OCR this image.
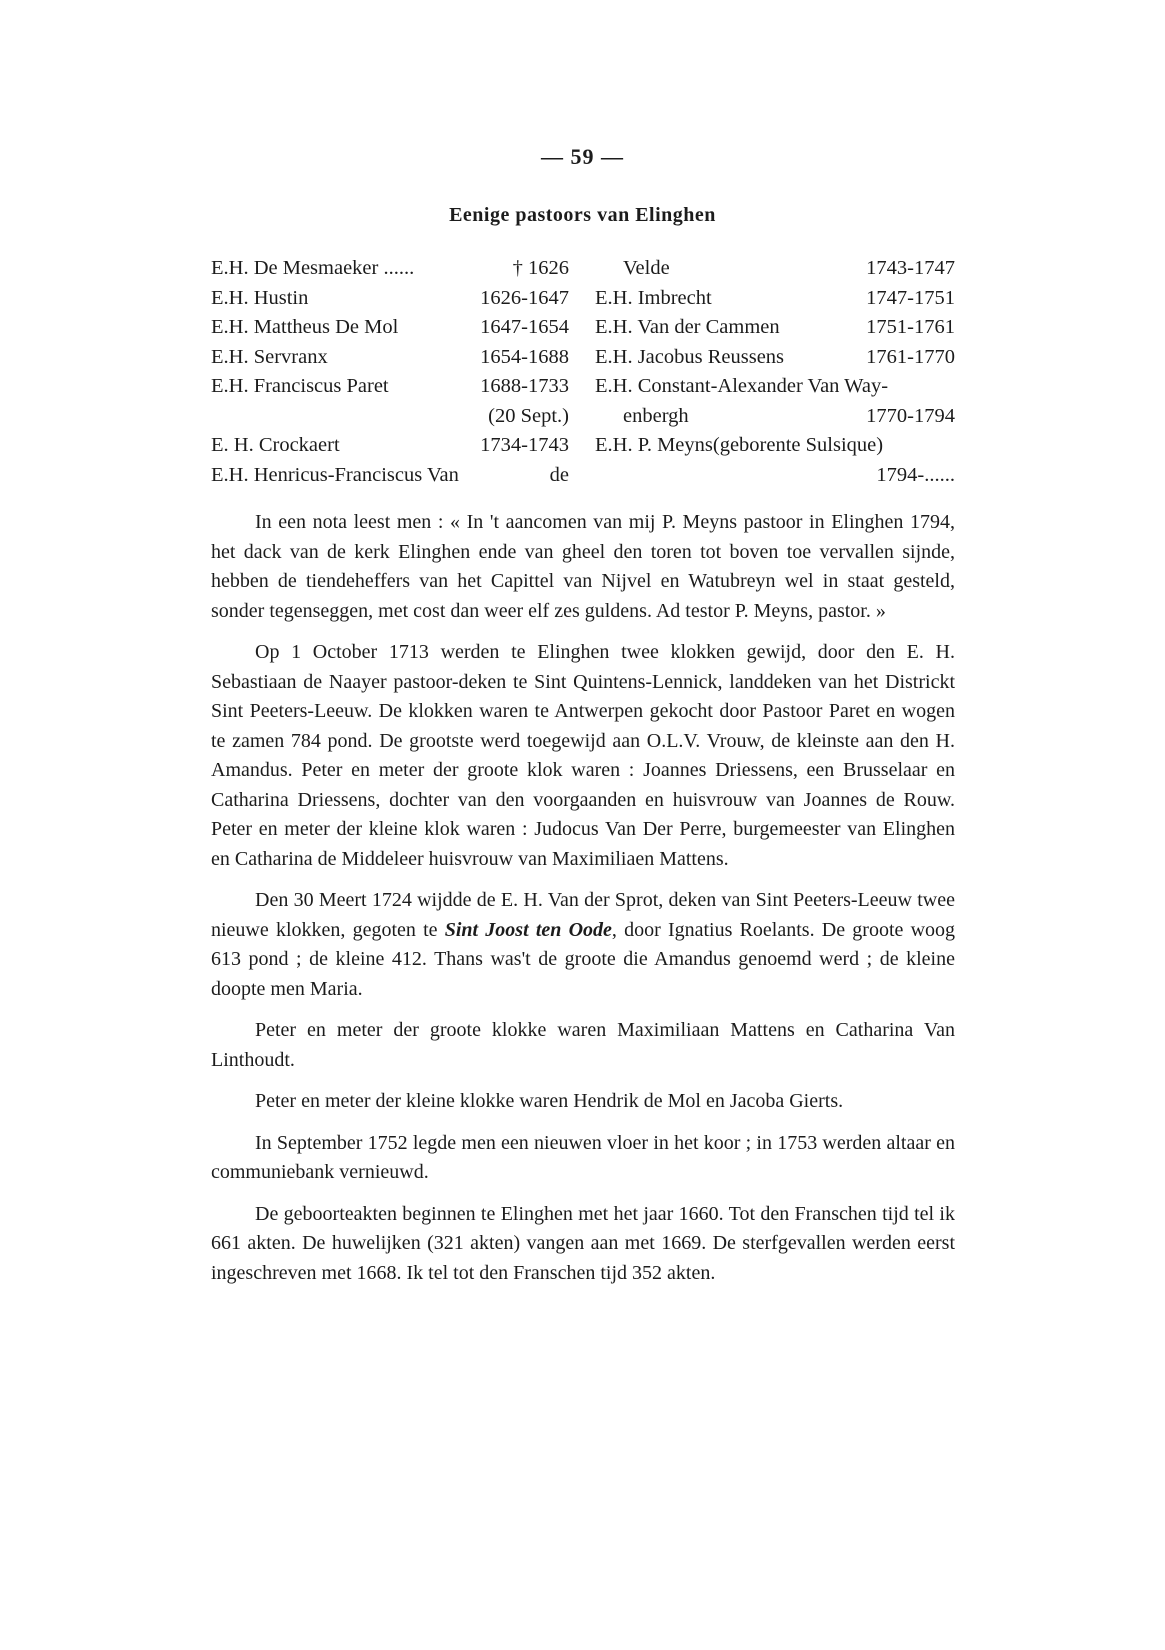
— 59 —
Eenige pastoors van Elinghen
E.H. De Mesmaeker ......	† 1626
E.H. Hustin	1626-1647
E.H. Mattheus De Mol	1647-1654
E.H. Servranx	1654-1688
E.H. Franciscus Paret	1688-1733
(20 Sept.)
E. H. Crockaert	1734-1743
E.H. Henricus-Franciscus Van	de
Velde	1743-1747
E.H. Imbrecht	1747-1751
E.H. Van der Cammen	1751-1761
E.H. Jacobus Reussens	1761-1770
E.H. Constant-Alexander Van Way-
enbergh	1770-1794
E.H. P. Meyns(geborente Sulsique)
1794-......

In een nota leest men : « In 't aancomen van mij P. Meyns pastoor in Elinghen 1794, het dack van de kerk Elinghen ende van gheel den toren tot boven toe vervallen sijnde, hebben de tiendeheffers van het Capittel van Nijvel en Watubreyn wel in staat gesteld, sonder tegenseggen, met cost dan weer elf zes guldens. Ad testor P. Meyns, pastor. »

Op 1 October 1713 werden te Elinghen twee klokken gewijd, door den E. H. Sebastiaan de Naayer pastoor-deken te Sint Quintens-Lennick, landdeken van het Districkt Sint Peeters-Leeuw. De klokken waren te Antwerpen gekocht door Pastoor Paret en wogen te zamen 784 pond. De grootste werd toegewijd aan O.L.V. Vrouw, de kleinste aan den H. Amandus. Peter en meter der groote klok waren : Joannes Driessens, een Brusselaar en Catharina Driessens, dochter van den voorgaanden en huisvrouw van Joannes de Rouw. Peter en meter der kleine klok waren : Judocus Van Der Perre, burgemeester van Elinghen en Catharina de Middeleer huisvrouw van Maximiliaen Mattens.

Den 30 Meert 1724 wijdde de E. H. Van der Sprot, deken van Sint Peeters-Leeuw twee nieuwe klokken, gegoten te Sint Joost ten Oode, door Ignatius Roelants. De groote woog 613 pond ; de kleine 412. Thans was't de groote die Amandus genoemd werd ; de kleine doopte men Maria.

Peter en meter der groote klokke waren Maximiliaan Mattens en Catharina Van Linthoudt.

Peter en meter der kleine klokke waren Hendrik de Mol en Jacoba Gierts.

In September 1752 legde men een nieuwen vloer in het koor ; in 1753 werden altaar en communiebank vernieuwd.

De geboorteakten beginnen te Elinghen met het jaar 1660. Tot den Franschen tijd tel ik 661 akten. De huwelijken (321 akten) vangen aan met 1669. De sterfgevallen werden eerst ingeschreven met 1668. Ik tel tot den Franschen tijd 352 akten.
